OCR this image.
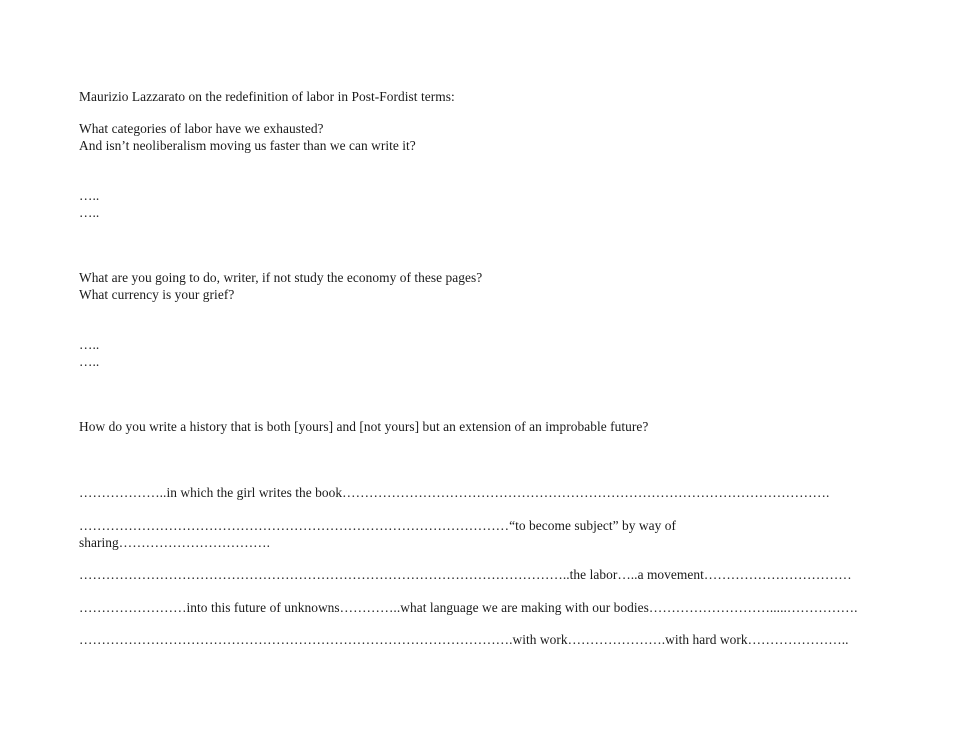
Maurizio Lazzarato on the redefinition of labor in Post-Fordist terms:
What categories of labor have we exhausted?
And isn’t neoliberalism moving us faster than we can write it?
…..
…..
What are you going to do, writer, if not study the economy of these pages?
What currency is your grief?
…..
…..
How do you write a history that is both [yours] and [not yours] but an extension of an improbable future?
………………..in which the girl writes the book……………………………………………………………………………………………….
……………………………………………………………………………………“to become subject” by way of
sharing…………………………….
………………………………………………………………………………………………..the labor…..a movement……………………………
……………………into this future of unknowns…………..what language we are making with our bodies……………………….....…………….
…………………………………………………………………………………….with work………………….with hard work…………………..
